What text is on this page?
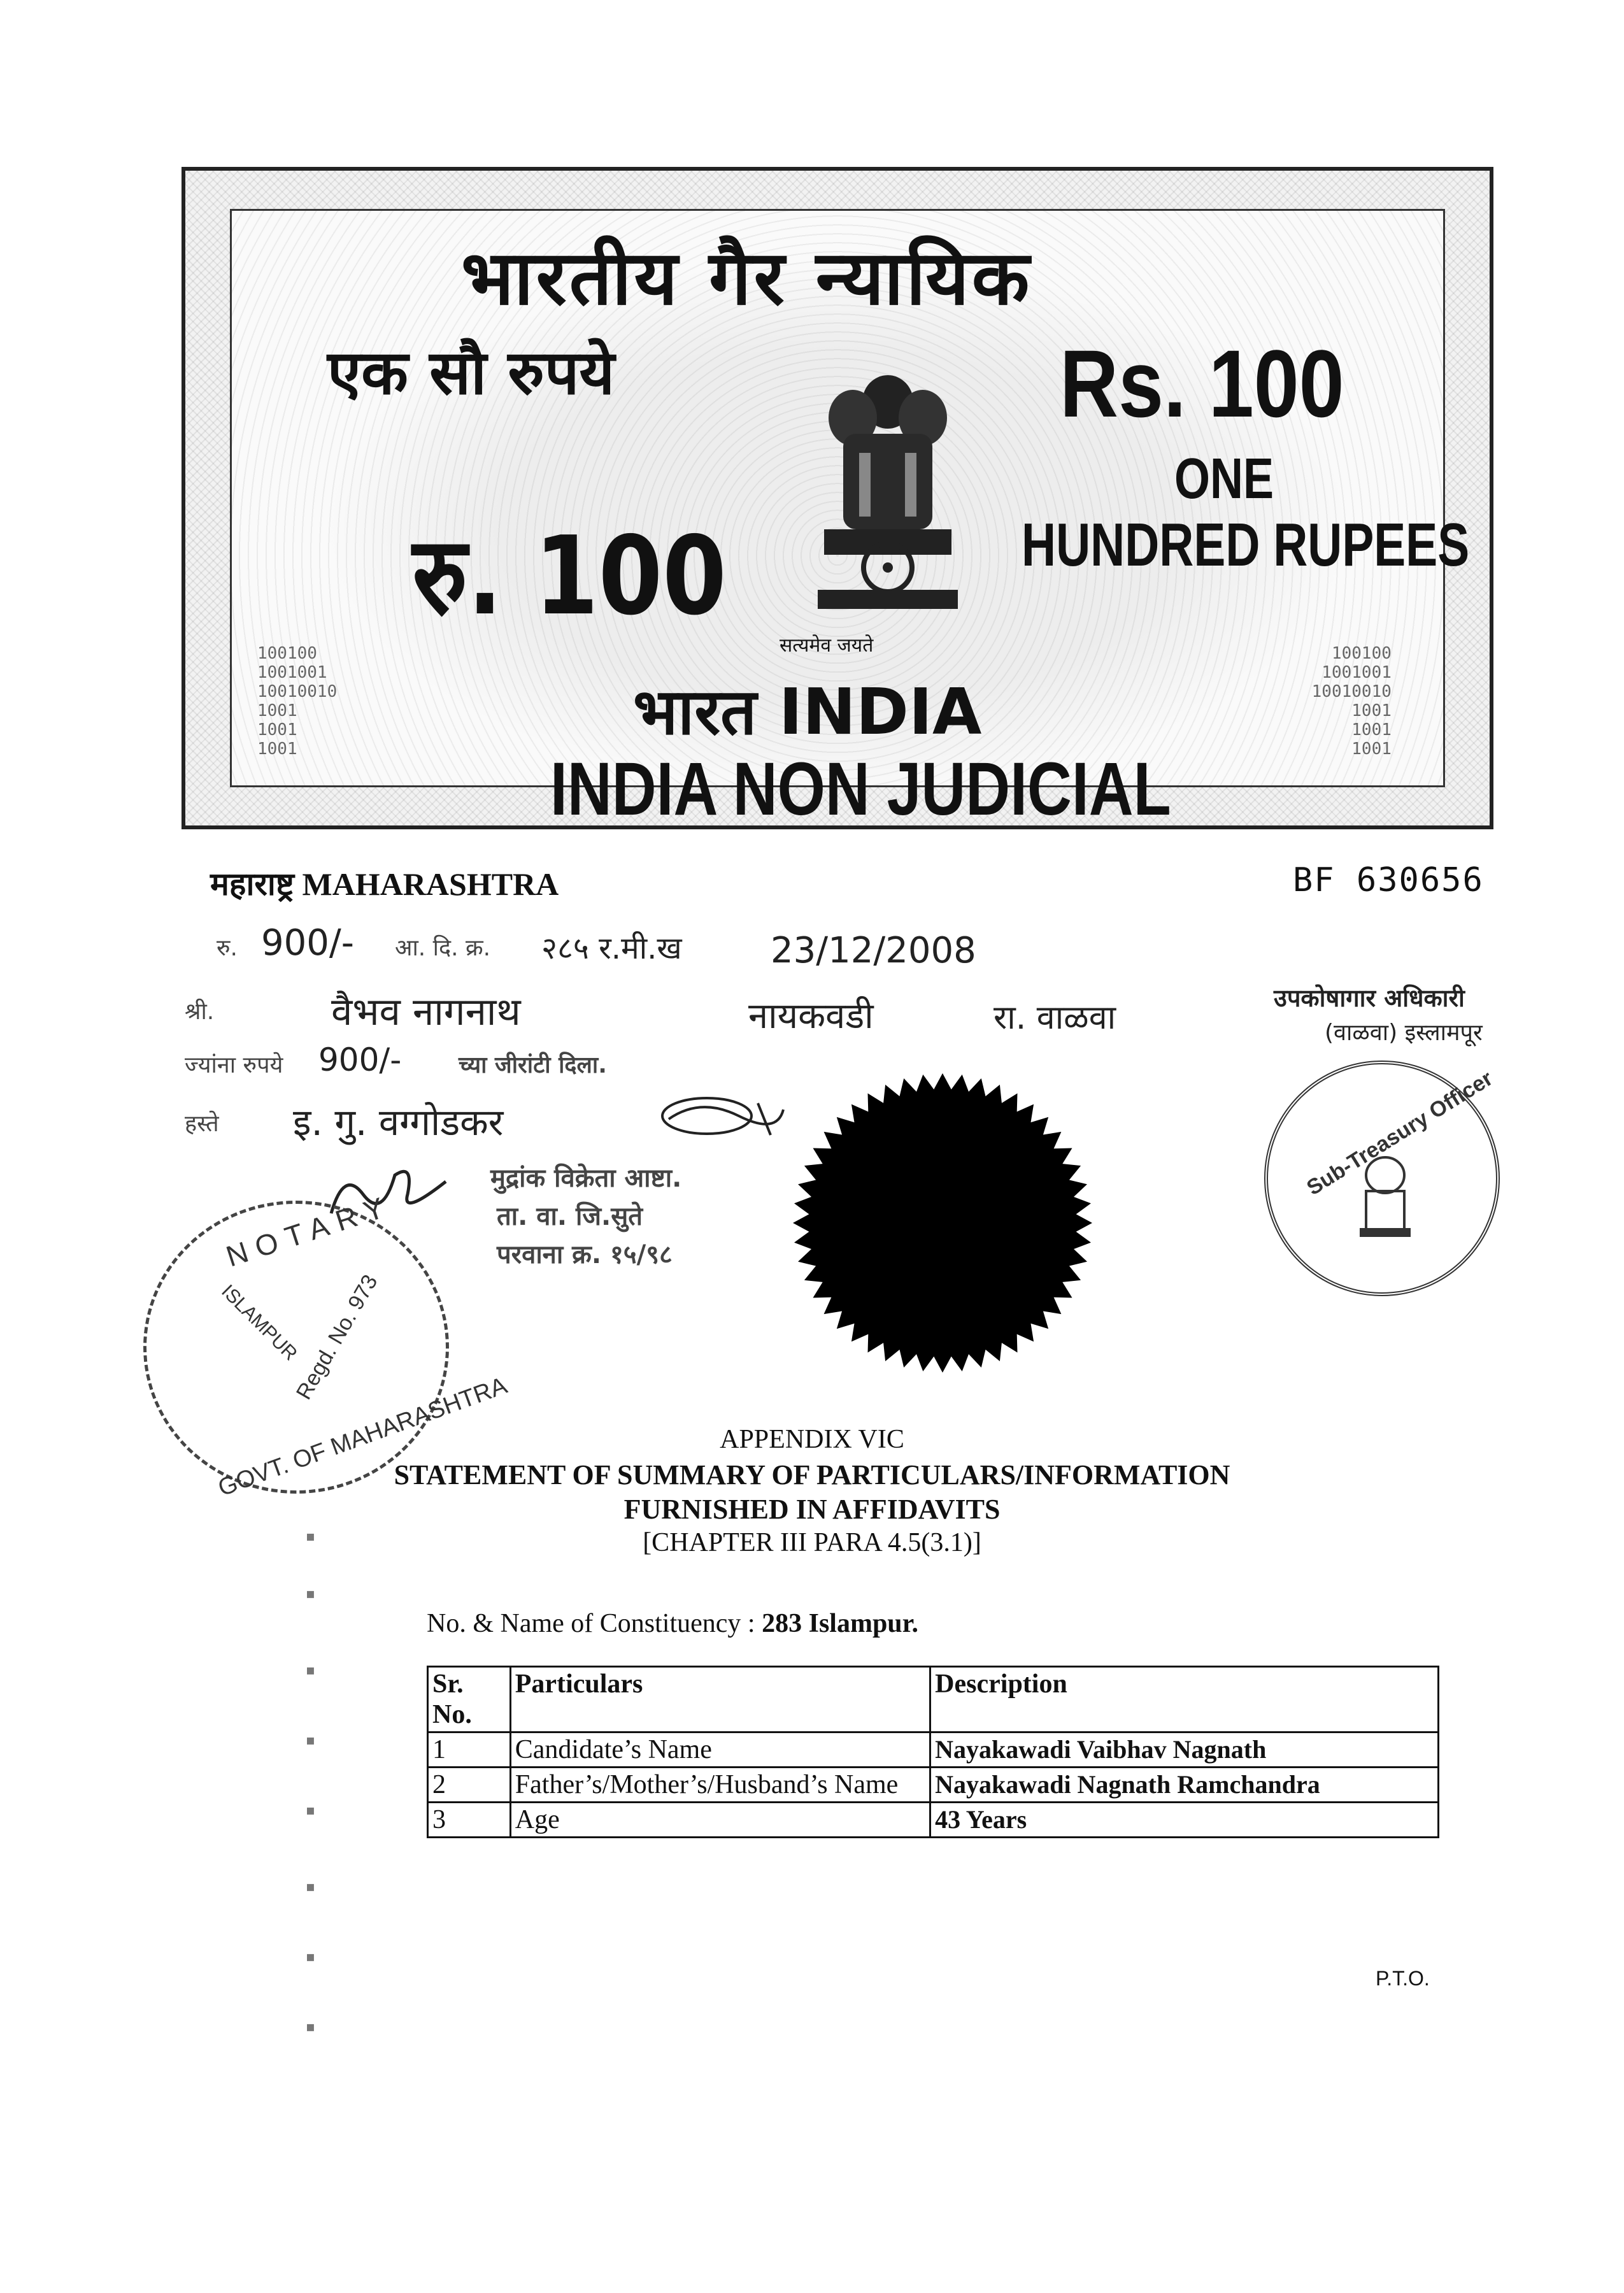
100100
1001001
10010010
1001
1001
1001
100100
1001001
10010010
1001
1001
1001
भारतीय गैर न्यायिक
एक सौ रुपये	Rs. 100
ONE
HUNDRED RUPEES
रु. 100
सत्यमेव जयते
भारत INDIA
INDIA NON JUDICIAL
महाराष्ट्र MAHARASHTRA	BF 630656
रु. 900/- आ. दि. क्र. २८५ र.मी.ख 23/12/2008
श्री.	वैभव नागनाथ	नायकवडी	रा. वाळवा
ज्यांना रुपये 900/- च्या जीरांटी दिला.
हस्ते इ. गु. वग्गोडकर
मुद्रांक विक्रेता आष्टा.
ता. वा. जि.सुते
परवाना क्र. १५/९८
NOTARY
GOVT. OF MAHARASHTRA
Regd. No. 973
ISLAMPUR
उपकोषागार अधिकारी
(वाळवा) इस्लामपूर
Sub-Treasury Officer
APPENDIX VIC
STATEMENT OF SUMMARY OF PARTICULARS/INFORMATION
FURNISHED IN AFFIDAVITS
[CHAPTER III PARA 4.5(3.1)]
No. & Name of Constituency : 283 Islampur.
Sr. No.	Particulars	Description
1	Candidate’s Name	Nayakawadi Vaibhav Nagnath
2	Father’s/Mother’s/Husband’s Name	Nayakawadi Nagnath Ramchandra
3	Age	43 Years
P.T.O.
▪
▪
▪
▪
▪
▪
▪
▪
